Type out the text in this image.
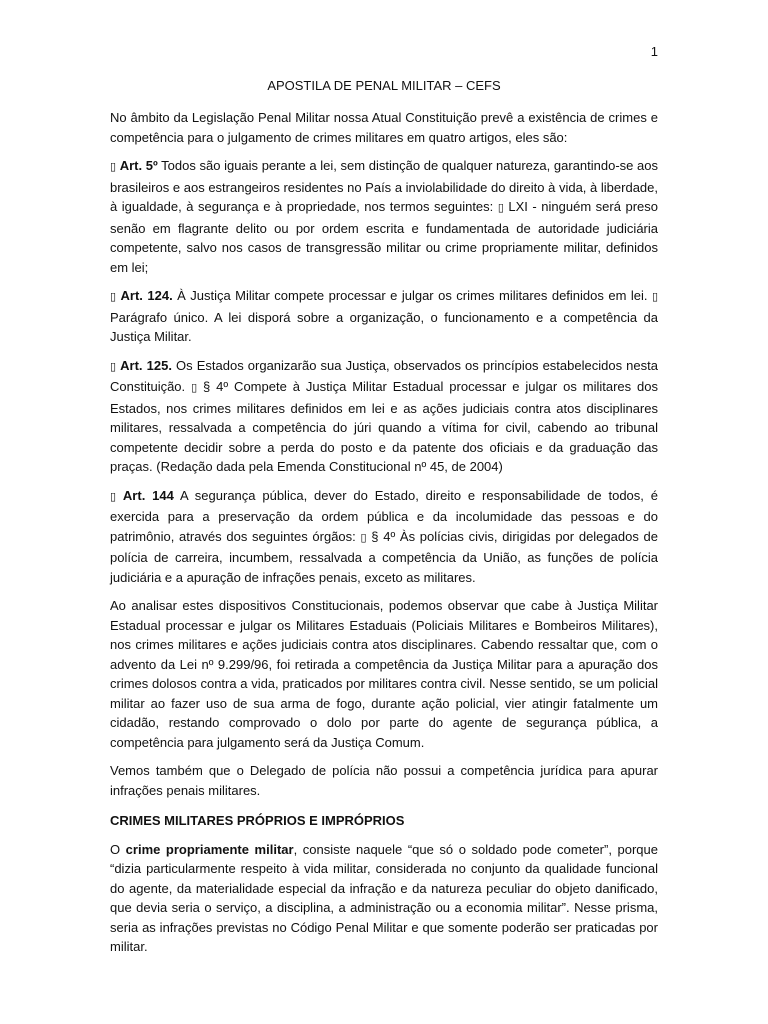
1
APOSTILA DE PENAL MILITAR – CEFS

No âmbito da Legislação Penal Militar nossa Atual Constituição prevê a existência de crimes e competência para o julgamento de crimes militares em quatro artigos, eles são:

▯ Art. 5º Todos são iguais perante a lei, sem distinção de qualquer natureza, garantindo-se aos brasileiros e aos estrangeiros residentes no País a inviolabilidade do direito à vida, à liberdade, à igualdade, à segurança e à propriedade, nos termos seguintes: ▯ LXI - ninguém será preso senão em flagrante delito ou por ordem escrita e fundamentada de autoridade judiciária competente, salvo nos casos de transgressão militar ou crime propriamente militar, definidos em lei;

▯ Art. 124. À Justiça Militar compete processar e julgar os crimes militares definidos em lei. ▯ Parágrafo único. A lei disporá sobre a organização, o funcionamento e a competência da Justiça Militar.

▯ Art. 125. Os Estados organizarão sua Justiça, observados os princípios estabelecidos nesta Constituição. ▯ § 4º Compete à Justiça Militar Estadual processar e julgar os militares dos Estados, nos crimes militares definidos em lei e as ações judiciais contra atos disciplinares militares, ressalvada a competência do júri quando a vítima for civil, cabendo ao tribunal competente decidir sobre a perda do posto e da patente dos oficiais e da graduação das praças. (Redação dada pela Emenda Constitucional nº 45, de 2004)

▯ Art. 144 A segurança pública, dever do Estado, direito e responsabilidade de todos, é exercida para a preservação da ordem pública e da incolumidade das pessoas e do patrimônio, através dos seguintes órgãos: ▯ § 4º Às polícias civis, dirigidas por delegados de polícia de carreira, incumbem, ressalvada a competência da União, as funções de polícia judiciária e a apuração de infrações penais, exceto as militares.

Ao analisar estes dispositivos Constitucionais, podemos observar que cabe à Justiça Militar Estadual processar e julgar os Militares Estaduais (Policiais Militares e Bombeiros Militares), nos crimes militares e ações judiciais contra atos disciplinares. Cabendo ressaltar que, com o advento da Lei nº 9.299/96, foi retirada a competência da Justiça Militar para a apuração dos crimes dolosos contra a vida, praticados por militares contra civil. Nesse sentido, se um policial militar ao fazer uso de sua arma de fogo, durante ação policial, vier atingir fatalmente um cidadão, restando comprovado o dolo por parte do agente de segurança pública, a competência para julgamento será da Justiça Comum.

Vemos também que o Delegado de polícia não possui a competência jurídica para apurar infrações penais militares.

CRIMES MILITARES PRÓPRIOS E IMPRÓPRIOS

O crime propriamente militar, consiste naquele “que só o soldado pode cometer”, porque “dizia particularmente respeito à vida militar, considerada no conjunto da qualidade funcional do agente, da materialidade especial da infração e da natureza peculiar do objeto danificado, que devia seria o serviço, a disciplina, a administração ou a economia militar”. Nesse prisma, seria as infrações previstas no Código Penal Militar e que somente poderão ser praticadas por militar.
